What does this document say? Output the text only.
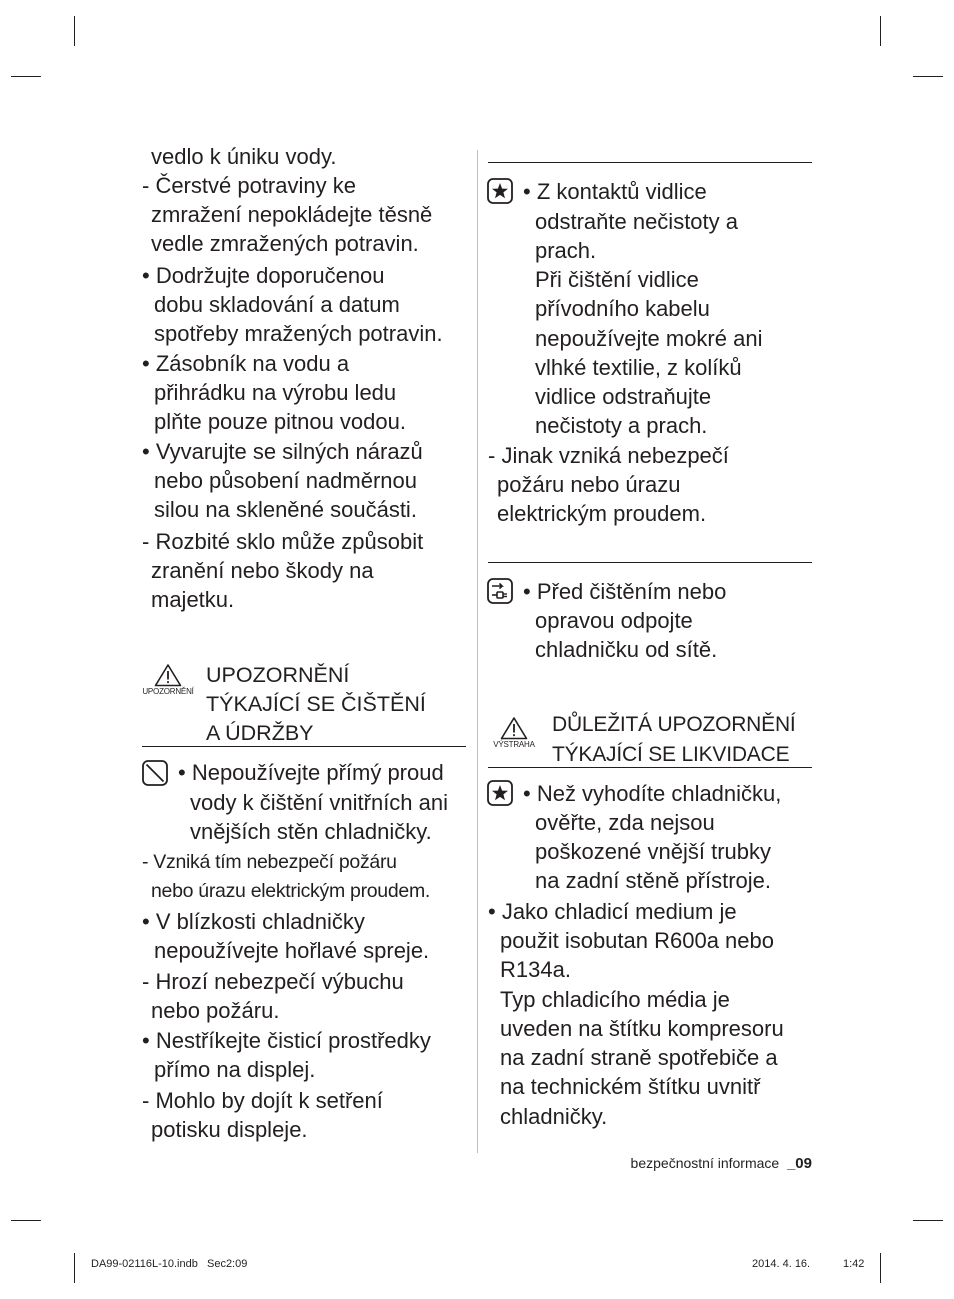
vedlo k úniku vody.

- Čerstvé potraviny ke

zmražení nepokládejte těsně

vedle zmražených potravin.

• Dodržujte doporučenou

dobu skladování a datum

spotřeby mražených potravin.

• Zásobník na vodu a

přihrádku na výrobu ledu

plňte pouze pitnou vodou.

• Vyvarujte se silných nárazů

nebo působení nadměrnou

silou na skleněné součásti.

- Rozbité sklo může způsobit

zranění nebo škody na

majetku.

UPOZORNĚNÍ
UPOZORNĚNÍ
TÝKAJÍCÍ SE ČIŠTĚNÍ
A ÚDRŽBY

• Nepoužívejte přímý proud

vody k čištění vnitřních ani

vnějších stěn chladničky.

- Vzniká tím nebezpečí požáru

nebo úrazu elektrickým proudem.

• V blízkosti chladničky

nepoužívejte hořlavé spreje.

- Hrozí nebezpečí výbuchu

nebo požáru.

• Nestříkejte čisticí prostředky

přímo na displej.

- Mohlo by dojít k setření

potisku displeje.

• Z kontaktů vidlice

odstraňte nečistoty a

prach.

Při čištění vidlice

přívodního kabelu

nepoužívejte mokré ani

vlhké textilie, z kolíků

vidlice odstraňujte

nečistoty a prach.

- Jinak vzniká nebezpečí

požáru nebo úrazu

elektrickým proudem.

• Před čištěním nebo

opravou odpojte

chladničku od sítě.

VÝSTRAHA
DŮLEŽITÁ UPOZORNĚNÍ
TÝKAJÍCÍ SE LIKVIDACE

• Než vyhodíte chladničku,

ověřte, zda nejsou

poškozené vnější trubky

na zadní stěně přístroje.

• Jako chladicí medium je

použit isobutan R600a nebo

R134a.

Typ chladicího média je

uveden na štítku kompresoru

na zadní straně spotřebiče a

na technickém štítku uvnitř

chladničky.

bezpečnostní informace _09
DA99-02116L-10.indb   Sec2:09	2014. 4. 16.	1:42
